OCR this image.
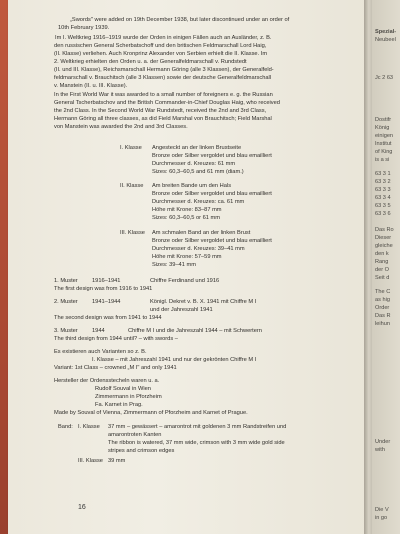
„Swords" were added on 19th December 1938, but later discontinued under an order of
10th February 1939.
Im I. Weltkrieg 1916–1919 wurde der Orden in einigen Fällen auch an Ausländer, z. B.
den russischen General Scherbatschoff und den britischen Feldmarschall Lord Haig,
(II. Klasse) verliehen. Auch Kronprinz Alexander von Serbien erhielt die II. Klasse. Im
2. Weltkrieg erhielten den Orden u. a. der Generalfeldmarschall v. Rundstedt
(II. und III. Klasse), Reichsmarschall Hermann Göring (alle 3 Klassen), der Generalfeld-
feldmarschall v. Brauchitsch (alle 3 Klassen) sowie der deutsche Generalfeldmarschall
v. Manstein (II. u. III. Klasse).
In the First World War it was awarded to a small number of foreigners e. g. the Russian
General Tscherbatschov and the British Commander-in-Chief Douglas Haig, who received
the 2nd Class. In the Second World War Rundstedt, received the 2nd and 3rd Class,
Hermann Göring all three classes, as did Field Marshal von Brauchitsch; Field Marshal
von Manstein was awarded the 2nd and 3rd Classes.
I. Klasse Angesteckt an der linken Brustseite
Bronze oder Silber vergoldet und blau emailliert
Durchmesser d. Kreuzes: 61 mm
Sizes: 60,3–60,5 and 61 mm (diam.)
II. Klasse Am breiten Bande um den Hals
Bronze oder Silber vergoldet und blau emailliert
Durchmesser d. Kreuzes: ca. 61 mm
Höhe mit Krone: 83–87 mm
Sizes: 60,3–60,5 or 61 mm
III. Klasse Am schmalen Band an der linken Brust
Bronze oder Silber vergoldet und blau emailliert
Durchmesser d. Kreuzes: 39–41 mm
Höhe mit Krone: 57–59 mm
Sizes: 39–41 mm
1. Muster	1916–1941	Chiffre Ferdinand und 1916
The first design was from 1916 to 1941
2. Muster	1941–1944	Königl. Dekret v. B. X. 1941 mit Chiffre M I
und der Jahreszahl 1941
The second design was from 1941 to 1944
3. Muster	1944	Chiffre M I und die Jahreszahl 1944 – mit Schwertern
The third design from 1944 until? – with swords –
Es existieren auch Varianten so z. B.
I. Klasse – mit Jahreszahl 1941 und nur der gekrönten Chiffre M I
Variant: 1st Class – crowned „M I" and only 1941
Hersteller der Ordensstecheln waren u. a.
Rudolf Souval in Wien
Zimmermann in Pforzheim
Fa. Karnet in Prag.
Made by Souval of Vienna, Zimmermann of Pforzheim and Karnet of Prague.
Band: I. Klasse 37 mm – gewässert – amarontrot mit goldenen 3 mm Randstreifen und
amarontroten Kanten
The ribbon is watered, 37 mm wide, crimson with 3 mm wide gold side
stripes and crimson edges
III. Klasse 39 mm
16
Spezial-
Neubeel
Jc 2 63
Dostifr
König
einigen
Institut
of King
is a si
63 3 1
63 3 2
63 3 3
63 3 4
63 3 5
63 3 6
Das Ro
Dieser
gleiche
den k
Rang
der O
Seit d
The C
as hig
Order
Das R
leihun
Under
with
Die V
in go
